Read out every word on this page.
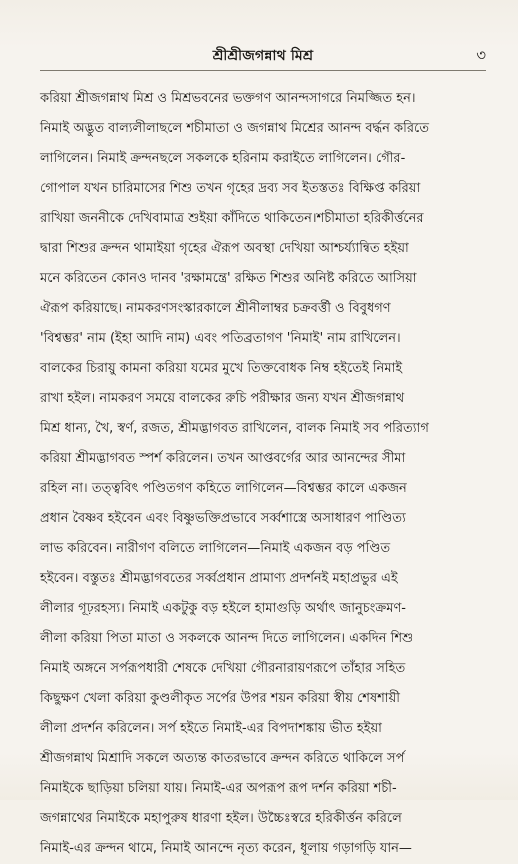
শ্রীশ্রীজগন্নাথ মিশ্র	৩
করিয়া শ্রীজগন্নাথ মিশ্র ও মিশ্রভবনের ভক্তগণ আনন্দসাগরে নিমজ্জিত হন।
নিমাই অদ্ভুত বাল্যলীলাছলে শচীমাতা ও জগন্নাথ মিশ্রের আনন্দ বর্দ্ধন করিতে
লাগিলেন। নিমাই ক্রন্দনছলে সকলকে হরিনাম করাইতে লাগিলেন। গৌর-
গোপাল যখন চারিমাসের শিশু তখন গৃহের দ্রব্য সব ইতস্ততঃ বিক্ষিপ্ত করিয়া
রাখিয়া জননীকে দেখিবামাত্র শুইয়া কাঁদিতে থাকিতেন।শচীমাতা হরিকীর্ত্তনের
দ্বারা শিশুর ক্রন্দন থামাইয়া গৃহের ঐরূপ অবস্থা দেখিয়া আশ্চর্য্যান্বিত হইয়া
মনে করিতেন কোনও দানব 'রক্ষামন্ত্রে' রক্ষিত শিশুর অনিষ্ট করিতে আসিয়া
ঐরূপ করিয়াছে। নামকরণসংস্কারকালে শ্রীনীলাম্বর চক্রবর্ত্তী ও বিবুধগণ
'বিশ্বম্ভর' নাম (ইহা আদি নাম) এবং পতিব্রতাগণ 'নিমাই' নাম রাখিলেন।
বালকের চিরায়ু কামনা করিয়া যমের মুখে তিক্তবোধক নিম্ব হইতেই নিমাই
রাখা হইল। নামকরণ সময়ে বালকের রুচি পরীক্ষার জন্য যখন শ্রীজগন্নাথ
মিশ্র ধান্য, খৈ, স্বর্ণ, রজত, শ্রীমদ্ভাগবত রাখিলেন, বালক নিমাই সব পরিত্যাগ
করিয়া শ্রীমদ্ভাগবত স্পর্শ করিলেন। তখন আপ্তবর্গের আর আনন্দের সীমা
রহিল না। তত্ত্ববিৎ পণ্ডিতগণ কহিতে লাগিলেন—বিশ্বম্ভর কালে একজন
প্রধান বৈষ্ণব হইবেন এবং বিষ্ণুভক্তিপ্রভাবে সর্ব্বশাস্ত্রে অসাধারণ পাণ্ডিত্য
লাভ করিবেন। নারীগণ বলিতে লাগিলেন—নিমাই একজন বড় পণ্ডিত
হইবেন। বস্তুতঃ শ্রীমদ্ভাগবতের সর্ব্বপ্রধান প্রামাণ্য প্রদর্শনই মহাপ্রভুর এই
লীলার গূঢ়রহস্য। নিমাই একটুকু বড় হইলে হামাগুড়ি অর্থাৎ জানুচংক্রমণ-
লীলা করিয়া পিতা মাতা ও সকলকে আনন্দ দিতে লাগিলেন। একদিন শিশু
নিমাই অঙ্গনে সর্পরূপধারী শেষকে দেখিয়া গৌরনারায়ণরূপে তাঁহার সহিত
কিছুক্ষণ খেলা করিয়া কুণ্ডলীকৃত সর্পের উপর শয়ন করিয়া স্বীয় শেষশায়ী
লীলা প্রদর্শন করিলেন। সর্প হইতে নিমাই-এর বিপদাশঙ্কায় ভীত হইয়া
শ্রীজগন্নাথ মিশ্রাদি সকলে অত্যন্ত কাতরভাবে ক্রন্দন করিতে থাকিলে সর্প
নিমাইকে ছাড়িয়া চলিয়া যায়। নিমাই-এর অপরূপ রূপ দর্শন করিয়া শচী-
জগন্নাথের নিমাইকে মহাপুরুষ ধারণা হইল। উচ্চৈঃস্বরে হরিকীর্ত্তন করিলে
নিমাই-এর ক্রন্দন থামে, নিমাই আনন্দে নৃত্য করেন, ধূলায় গড়াগড়ি যান—
